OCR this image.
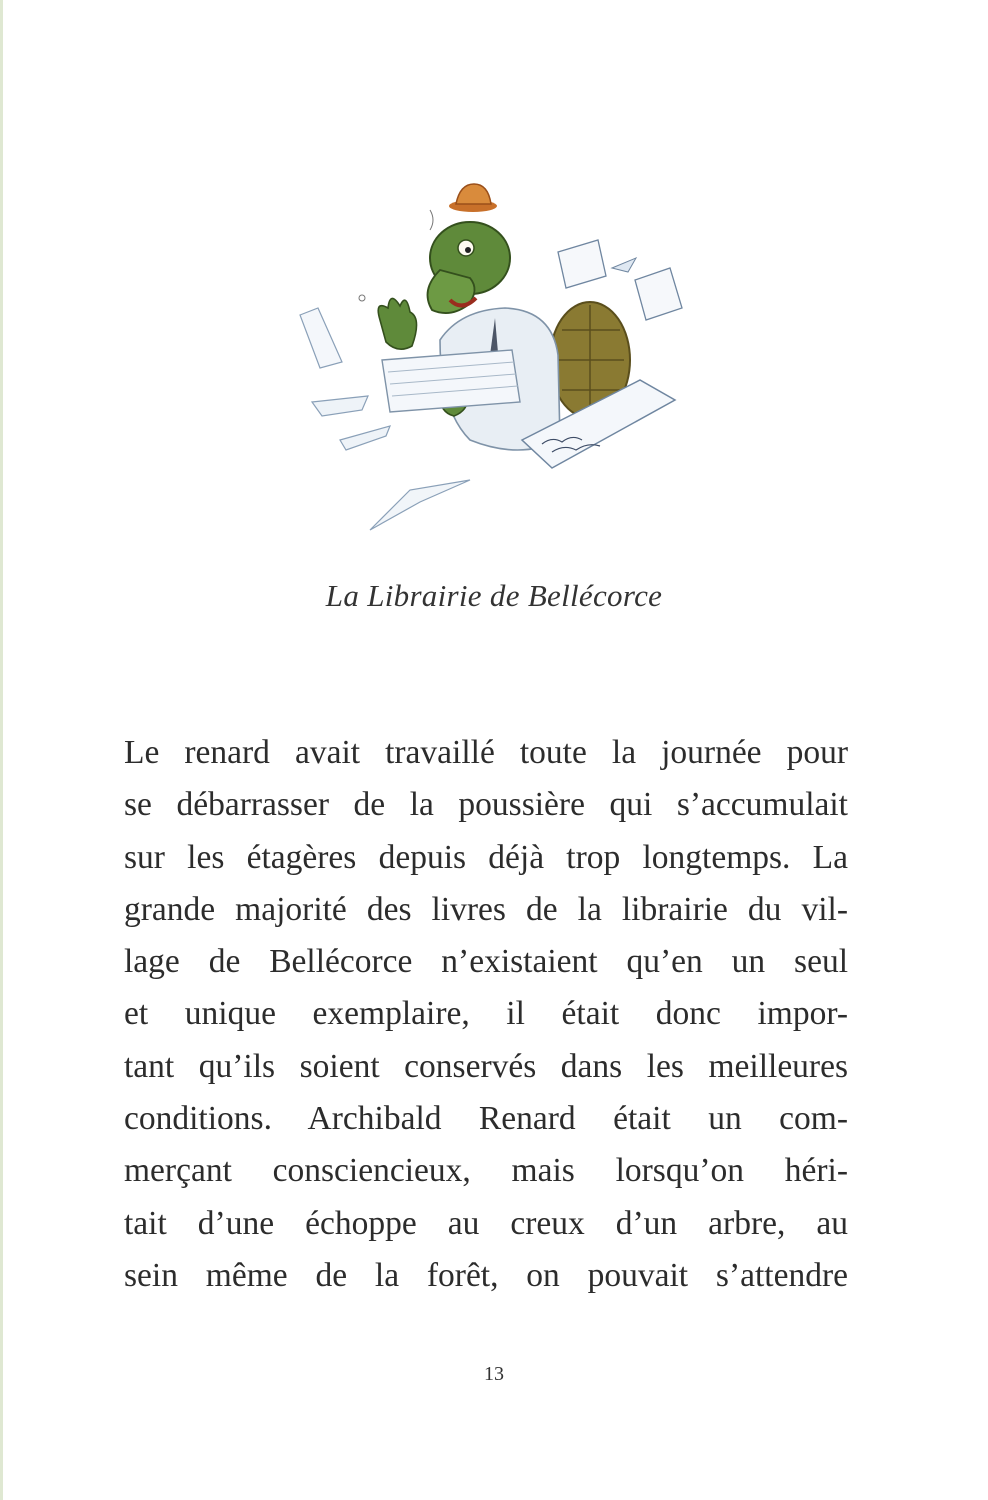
La Librairie de Bellécorce
Le renard avait travaillé toute la journée pour
se débarrasser de la poussière qui s’accumulait
sur les étagères depuis déjà trop longtemps. La
grande majorité des livres de la librairie du vil-
lage de Bellécorce n’existaient qu’en un seul
et unique exemplaire, il était donc impor-
tant qu’ils soient conservés dans les meilleures
conditions. Archibald Renard était un com-
merçant consciencieux, mais lorsqu’on héri-
tait d’une échoppe au creux d’un arbre, au
sein même de la forêt, on pouvait s’attendre
13
